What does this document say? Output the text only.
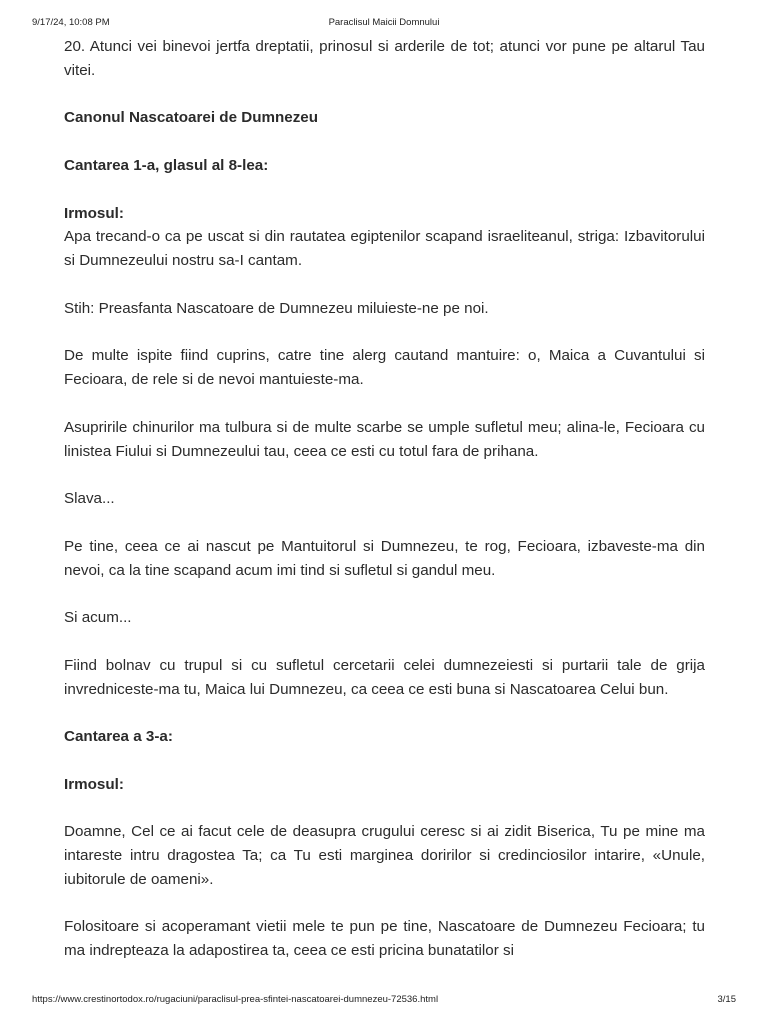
9/17/24, 10:08 PM	Paraclisul Maicii Domnului

20. Atunci vei binevoi jertfa dreptatii, prinosul si arderile de tot; atunci vor pune pe altarul Tau vitei.

Canonul Nascatoarei de Dumnezeu

Cantarea 1-a, glasul al 8-lea:

Irmosul:

Apa trecand-o ca pe uscat si din rautatea egiptenilor scapand israeliteanul, striga: Izbavitorului si Dumnezeului nostru sa-I cantam.

Stih: Preasfanta Nascatoare de Dumnezeu miluieste-ne pe noi.

De multe ispite fiind cuprins, catre tine alerg cautand mantuire: o, Maica a Cuvantului si Fecioara, de rele si de nevoi mantuieste-ma.

Asupririle chinurilor ma tulbura si de multe scarbe se umple sufletul meu; alina-le, Fecioara cu linistea Fiului si Dumnezeului tau, ceea ce esti cu totul fara de prihana.

Slava...

Pe tine, ceea ce ai nascut pe Mantuitorul si Dumnezeu, te rog, Fecioara, izbaveste-ma din nevoi, ca la tine scapand acum imi tind si sufletul si gandul meu.

Si acum...

Fiind bolnav cu trupul si cu sufletul cercetarii celei dumnezeiesti si purtarii tale de grija invredniceste-ma tu, Maica lui Dumnezeu, ca ceea ce esti buna si Nascatoarea Celui bun.

Cantarea a 3-a:

Irmosul:

Doamne, Cel ce ai facut cele de deasupra crugului ceresc si ai zidit Biserica, Tu pe mine ma intareste intru dragostea Ta; ca Tu esti marginea doririlor si credinciosilor intarire, «Unule, iubitorule de oameni».

Folositoare si acoperamant vietii mele te pun pe tine, Nascatoare de Dumnezeu Fecioara; tu ma indrepteaza la adapostirea ta, ceea ce esti pricina bunatatilor si

https://www.crestinortodox.ro/rugaciuni/paraclisul-prea-sfintei-nascatoarei-dumnezeu-72536.html	3/15
